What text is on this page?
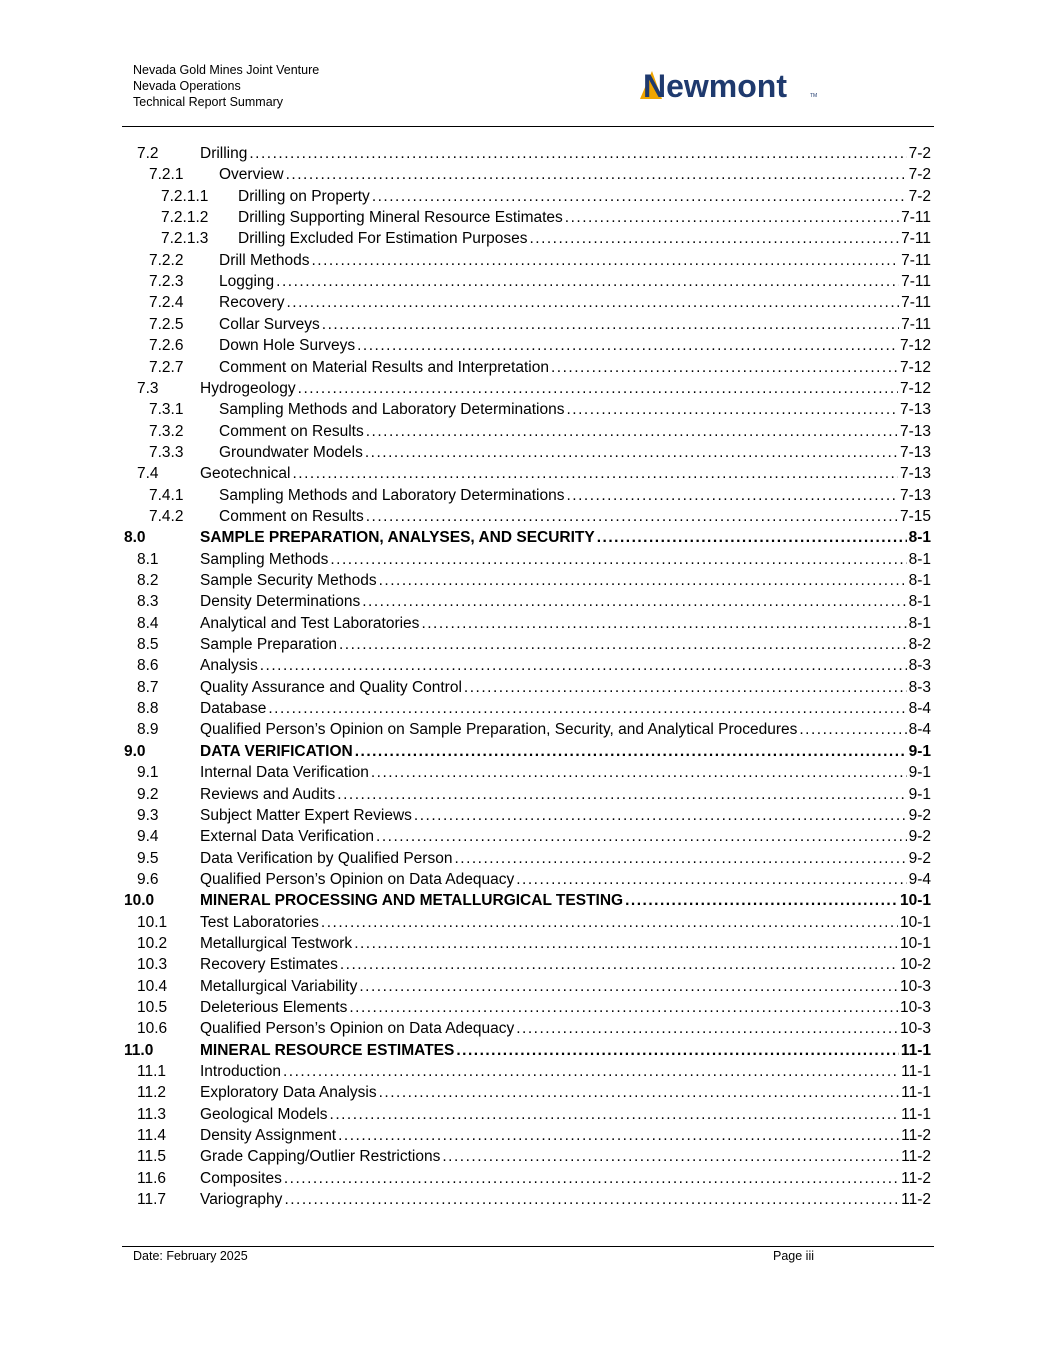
Nevada Gold Mines Joint Venture
Nevada Operations
Technical Report Summary	Newmont	TM
7.2	Drilling .....	7-2
7.2.1 Overview .....	7-2
7.2.1.1 Drilling on Property .....	7-2
7.2.1.2 Drilling Supporting Mineral Resource Estimates .....	7-11
7.2.1.3 Drilling Excluded For Estimation Purposes .....	7-11
7.2.2 Drill Methods .....	7-11
7.2.3 Logging .....	7-11
7.2.4 Recovery .....	7-11
7.2.5 Collar Surveys .....	7-11
7.2.6 Down Hole Surveys .....	7-12
7.2.7 Comment on Material Results and Interpretation .....	7-12
7.3	Hydrogeology .....	7-12
7.3.1 Sampling Methods and Laboratory Determinations .....	7-13
7.3.2 Comment on Results .....	7-13
7.3.3 Groundwater Models .....	7-13
7.4	Geotechnical .....	7-13
7.4.1 Sampling Methods and Laboratory Determinations .....	7-13
7.4.2 Comment on Results .....	7-15
8.0	SAMPLE PREPARATION, ANALYSES, AND SECURITY .....	8-1
8.1	Sampling Methods .....	8-1
8.2	Sample Security Methods .....	8-1
8.3	Density Determinations .....	8-1
8.4	Analytical and Test Laboratories .....	8-1
8.5	Sample Preparation .....	8-2
8.6	Analysis .....	8-3
8.7	Quality Assurance and Quality Control .....	8-3
8.8	Database .....	8-4
8.9	Qualified Person’s Opinion on Sample Preparation, Security, and Analytical Procedures .....	8-4
9.0	DATA VERIFICATION .....	9-1
9.1	Internal Data Verification .....	9-1
9.2	Reviews and Audits .....	9-1
9.3	Subject Matter Expert Reviews .....	9-2
9.4	External Data Verification .....	9-2
9.5	Data Verification by Qualified Person .....	9-2
9.6	Qualified Person’s Opinion on Data Adequacy .....	9-4
10.0	MINERAL PROCESSING AND METALLURGICAL TESTING .....	10-1
10.1 Test Laboratories .....	10-1
10.2 Metallurgical Testwork .....	10-1
10.3 Recovery Estimates .....	10-2
10.4 Metallurgical Variability .....	10-3
10.5 Deleterious Elements .....	10-3
10.6 Qualified Person’s Opinion on Data Adequacy .....	10-3
11.0	MINERAL RESOURCE ESTIMATES .....	11-1
11.1 Introduction .....	11-1
11.2 Exploratory Data Analysis .....	11-1
11.3 Geological Models .....	11-1
11.4 Density Assignment .....	11-2
11.5 Grade Capping/Outlier Restrictions .....	11-2
11.6 Composites .....	11-2
11.7 Variography .....	11-2
Date: February 2025	Page iii
